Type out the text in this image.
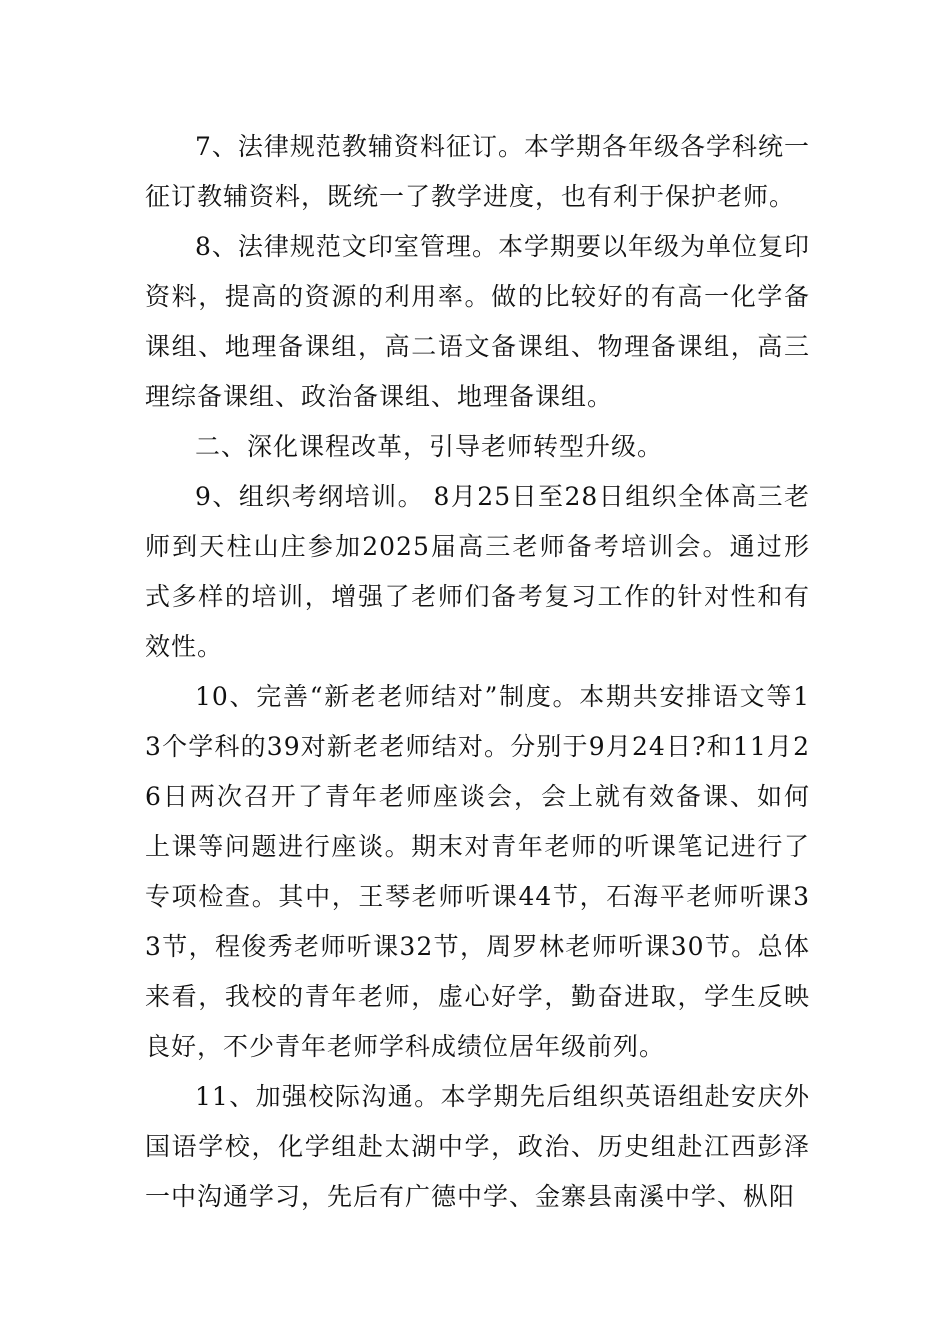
7、法律规范教辅资料征订。本学期各年级各学科统一征订教辅资料，既统一了教学进度，也有利于保护老师。

8、法律规范文印室管理。本学期要以年级为单位复印资料，提高的资源的利用率。做的比较好的有高一化学备课组、地理备课组，高二语文备课组、物理备课组，高三理综备课组、政治备课组、地理备课组。

二、深化课程改革，引导老师转型升级。

9、组织考纲培训。 8月25日至28日组织全体高三老师到天柱山庄参加2025届高三老师备考培训会。通过形式多样的培训，增强了老师们备考复习工作的针对性和有效性。

10、完善“新老老师结对”制度。本期共安排语文等13个学科的39对新老老师结对。分别于9月24日?和11月26日两次召开了青年老师座谈会，会上就有效备课、如何上课等问题进行座谈。期末对青年老师的听课笔记进行了专项检查。其中，王琴老师听课44节，石海平老师听课33节，程俊秀老师听课32节，周罗林老师听课30节。总体来看，我校的青年老师，虚心好学，勤奋进取，学生反映良好，不少青年老师学科成绩位居年级前列。

11、加强校际沟通。本学期先后组织英语组赴安庆外国语学校，化学组赴太湖中学，政治、历史组赴江西彭泽一中沟通学习，先后有广德中学、金寨县南溪中学、枞阳
